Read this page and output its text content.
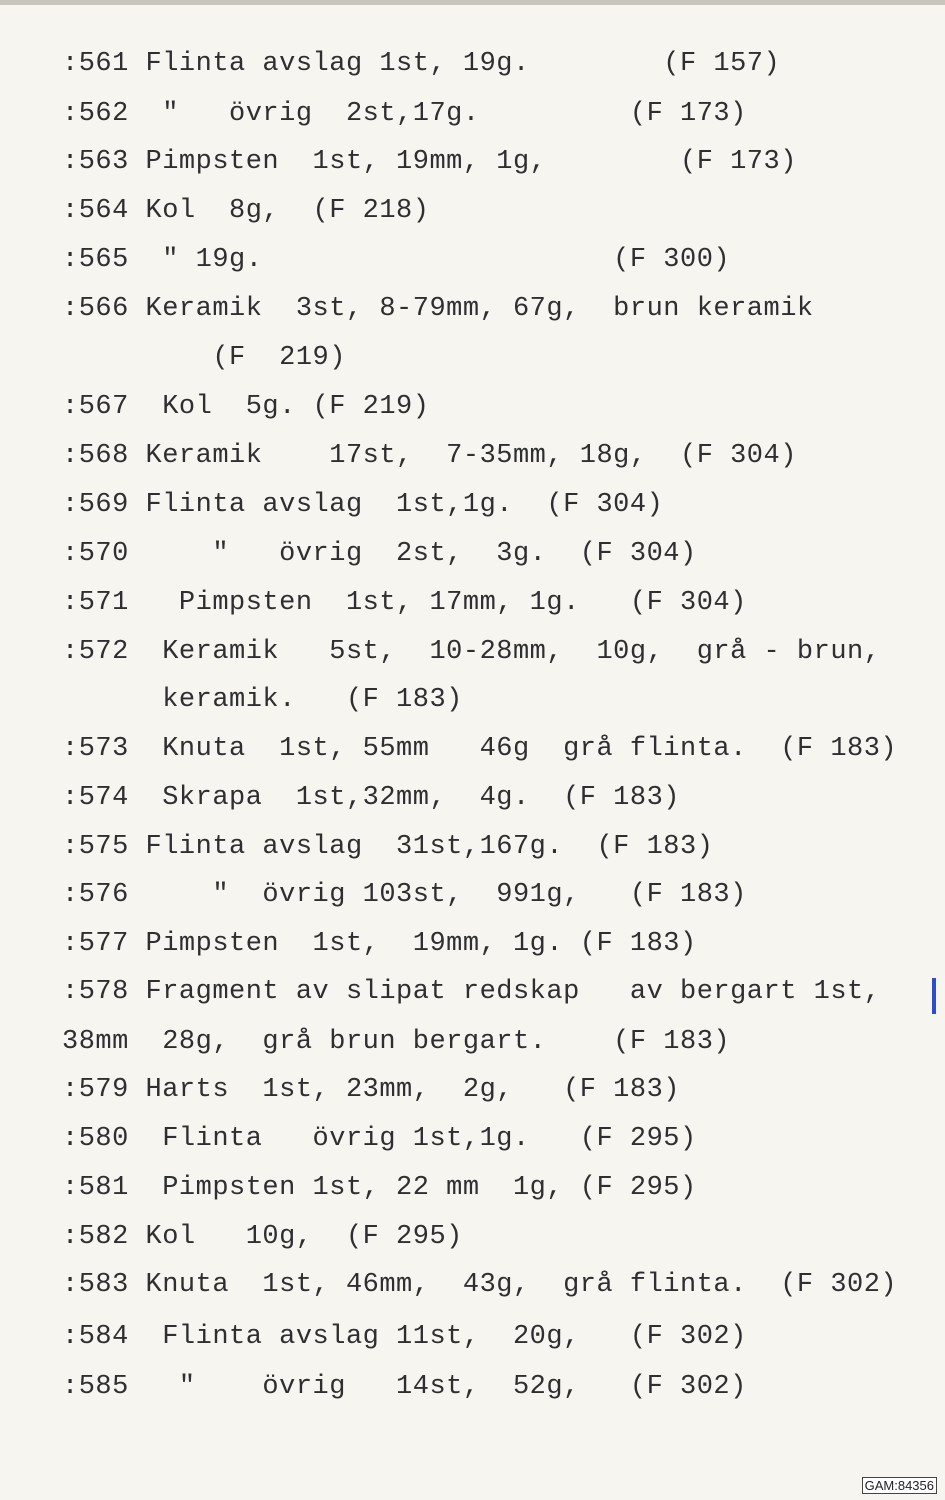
:561 Flinta avslag 1st, 19g.        (F 157)
:562  "   övrig  2st,17g.         (F 173)
:563 Pimpsten  1st, 19mm, 1g,        (F 173)
:564 Kol  8g,  (F 218)
:565  " 19g.                     (F 300)
:566 Keramik  3st, 8-79mm, 67g,  brun keramik
(F  219)
:567  Kol  5g. (F 219)
:568 Keramik    17st,  7-35mm, 18g,  (F 304)
:569 Flinta avslag  1st,1g.  (F 304)
:570     "   övrig  2st,  3g.  (F 304)
:571   Pimpsten  1st, 17mm, 1g.   (F 304)
:572  Keramik   5st,  10-28mm,  10g,  grå - brun,
keramik.   (F 183)
:573  Knuta  1st, 55mm   46g  grå flinta.  (F 183)
:574  Skrapa  1st,32mm,  4g.  (F 183)
:575 Flinta avslag  31st,167g.  (F 183)
:576     "  övrig 103st,  991g,   (F 183)
:577 Pimpsten  1st,  19mm, 1g. (F 183)
:578 Fragment av slipat redskap   av bergart 1st,
38mm  28g,  grå brun bergart.    (F 183)
:579 Harts  1st, 23mm,  2g,   (F 183)
:580  Flinta   övrig 1st,1g.   (F 295)
:581  Pimpsten 1st, 22 mm  1g, (F 295)
:582 Kol   10g,  (F 295)
:583 Knuta  1st, 46mm,  43g,  grå flinta.  (F 302)
:584  Flinta avslag 11st,  20g,   (F 302)
:585   "    övrig   14st,  52g,   (F 302)
GAM:84356
